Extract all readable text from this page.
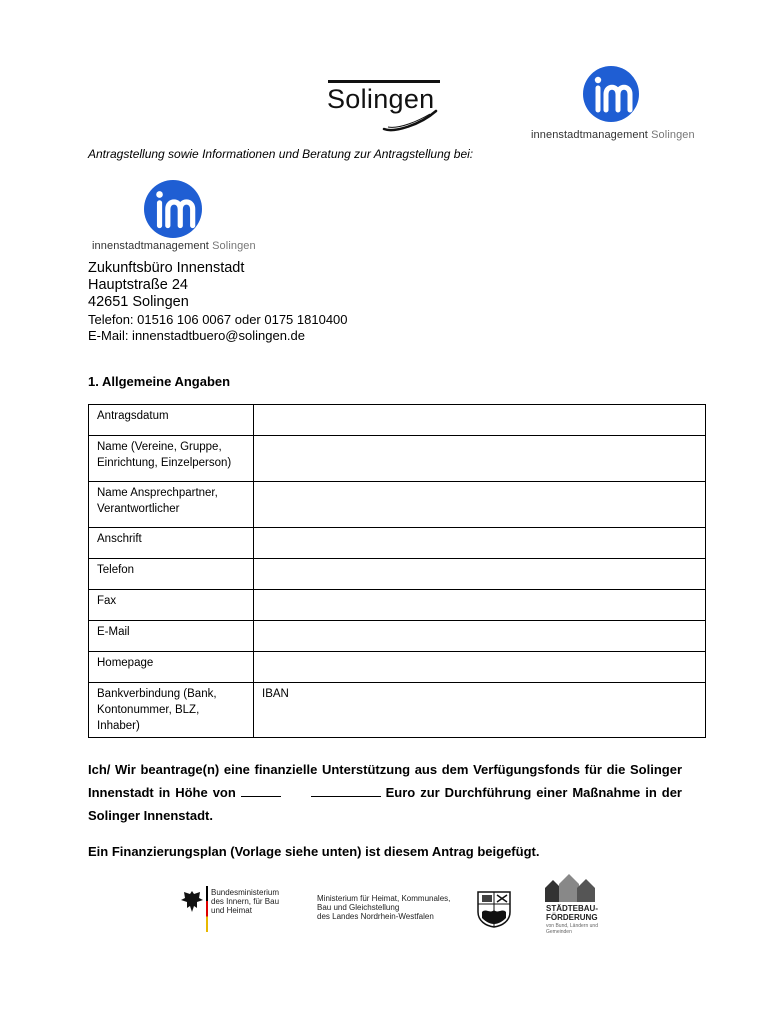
Solingen
innenstadtmanagement Solingen
Antragstellung sowie Informationen und Beratung zur Antragstellung bei:
innenstadtmanagement Solingen
Zukunftsbüro Innenstadt
Hauptstraße 24
42651 Solingen
Telefon: 01516 106 0067 oder 0175 1810400
E-Mail: innenstadtbuero@solingen.de
1. Allgemeine Angaben
Antragsdatum	
Name (Vereine, Gruppe, Einrichtung, Einzelperson)	
Name Ansprechpartner, Verantwortlicher	
Anschrift	
Telefon	
Fax	
E-Mail	
Homepage	
Bankverbindung (Bank, Kontonummer, BLZ, Inhaber)	IBAN
Ich/ Wir beantrage(n) eine finanzielle Unterstützung aus dem Verfügungsfonds für die Solinger Innenstadt in Höhe von	Euro zur Durchführung einer Maßnahme in der Solinger Innenstadt.
Ein Finanzierungsplan (Vorlage siehe unten) ist diesem Antrag beigefügt.
Bundesministerium
des Innern, für Bau
und Heimat
Ministerium für Heimat, Kommunales,
Bau und Gleichstellung
des Landes Nordrhein-Westfalen
STÄDTEBAU-
FÖRDERUNG
von Bund, Ländern und
Gemeinden
